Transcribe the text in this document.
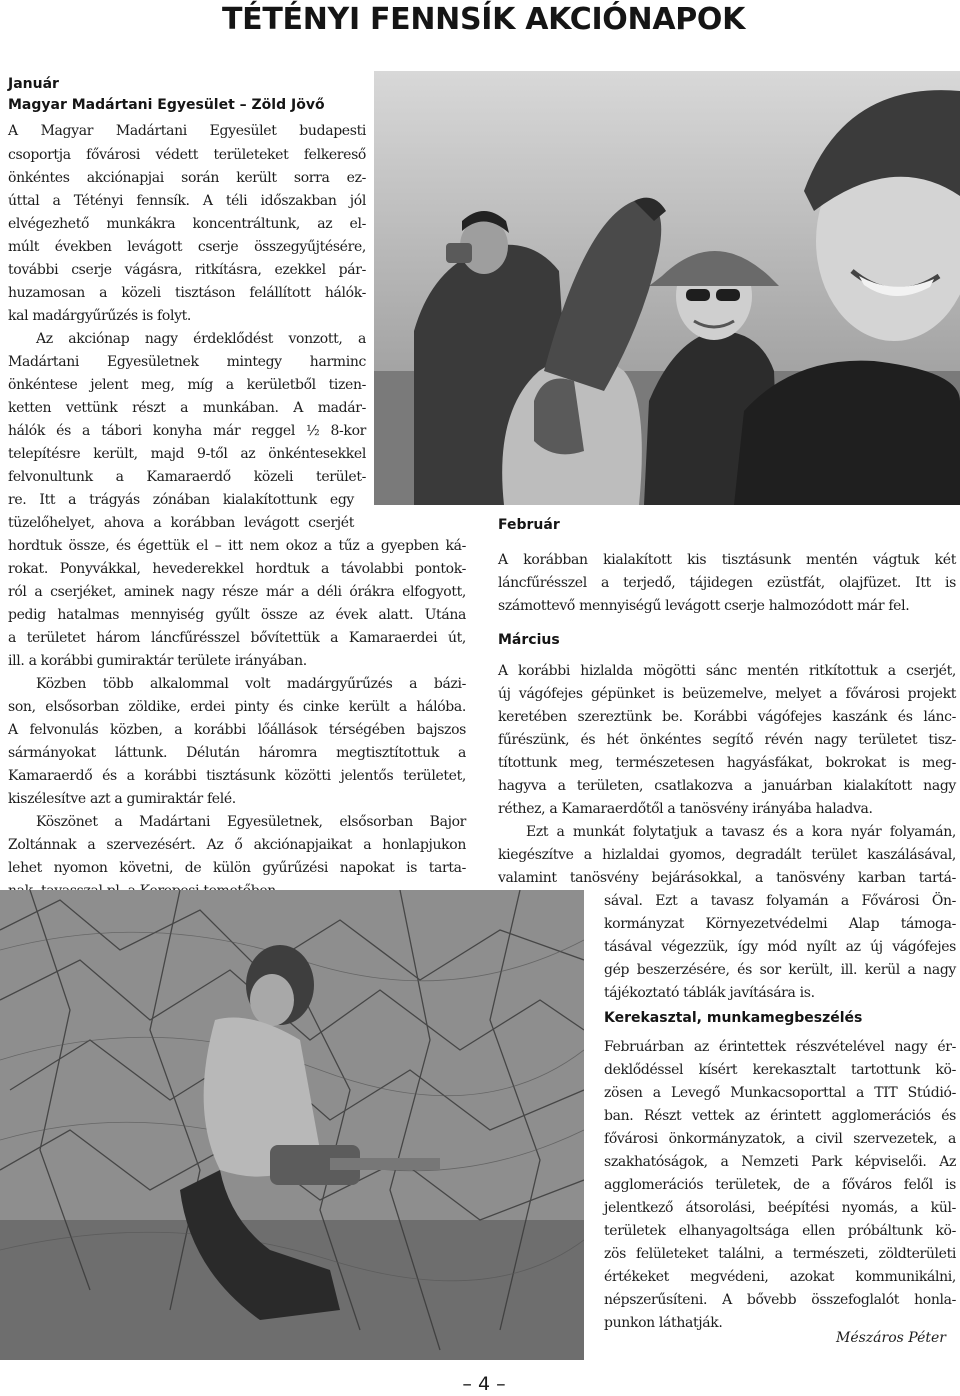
TÉTÉNYI FENNSÍK AKCIÓNAPOK
Január
Magyar Madártani Egyesület – Zöld Jövő
A Magyar Madártani Egyesület budapesti
csoportja fővárosi védett területeket felkereső
önkéntes akciónapjai során került sorra ez-
úttal a Tétényi fennsík. A téli időszakban jól
elvégezhető munkákra koncentráltunk, az el-
múlt években levágott cserje összegyűjtésére,
további cserje vágásra, ritkításra, ezekkel pár-
huzamosan a közeli tisztáson felállított hálók-
kal madárgyűrűzés is folyt.
Az akciónap nagy érdeklődést vonzott, a
Madártani Egyesületnek mintegy harminc
önkéntese jelent meg, míg a kerületből tizen-
ketten vettünk részt a munkában. A madár-
hálók és a tábori konyha már reggel ½ 8-kor
telepítésre került, majd 9-től az önkéntesekkel
felvonultunk a Kamaraerdő közeli terület-
re. Itt a trágyás zónában kialakítottunk egy
tüzelőhelyet, ahova a korábban levágott cserjét
hordtuk össze, és égettük el – itt nem okoz a tűz a gyepben ká-
rokat. Ponyvákkal, hevederekkel hordtuk a távolabbi pontok-
ról a cserjéket, aminek nagy része már a déli órákra elfogyott,
pedig hatalmas mennyiség gyűlt össze az évek alatt. Utána
a területet három láncfűrésszel bővítettük a Kamaraerdei út,
ill. a korábbi gumiraktár területe irányában.
Közben több alkalommal volt madárgyűrűzés a bázi-
son, elsősorban zöldike, erdei pinty és cinke került a hálóba.
A felvonulás közben, a korábbi lőállások térségében bajszos
sármányokat láttunk. Délután háromra megtisztítottuk a
Kamaraerdő és a korábbi tisztásunk közötti jelentős területet,
kiszélesítve azt a gumiraktár felé.
Köszönet a Madártani Egyesületnek, elsősorban Bajor
Zoltánnak a szervezésért. Az ő akciónapjaikat a honlapjukon
lehet nyomon követni, de külön gyűrűzési napokat is tarta-
Február
A korábban kialakított kis tisztásunk mentén vágtuk két
láncfűrésszel a terjedő, tájidegen ezüstfát, olajfüzet. Itt is
számottevő mennyiségű levágott cserje halmozódott már fel.
Március
A korábbi hizlalda mögötti sánc mentén ritkítottuk a cserjét,
új vágófejes gépünket is beüzemelve, melyet a fővárosi projekt
keretében szereztünk be. Korábbi vágófejes kaszánk és lánc-
fűrészünk, és hét önkéntes segítő révén nagy területet tisz-
títottunk meg, természetesen hagyásfákat, bokrokat is meg-
hagyva a területen, csatlakozva a januárban kialakított nagy
réthez, a Kamaraerdőtől a tanösvény irányába haladva.
Ezt a munkát folytatjuk a tavasz és a kora nyár folyamán,
kiegészítve a hizlaldai gyomos, degradált terület kaszálásával,
valamint tanösvény bejárásokkal, a tanösvény karban tartá-
sával. Ezt a tavasz folyamán a Fővárosi Ön-
kormányzat Környezetvédelmi Alap támoga-
tásával végezzük, így mód nyílt az új vágófejes
gép beszerzésére, és sor került, ill. kerül a nagy
tájékoztató táblák javítására is.
Kerekasztal, munkamegbeszélés
Februárban az érintettek részvételével nagy ér-
deklődéssel kísért kerekasztalt tartottunk kö-
zösen a Levegő Munkacsoporttal a TIT Stúdió-
ban. Részt vettek az érintett agglomerációs és
fővárosi önkormányzatok, a civil szervezetek, a
szakhatóságok, a Nemzeti Park képviselői. Az
agglomerációs területek, de a főváros felől is
jelentkező átsorolási, beépítési nyomás, a kül-
területek elhanyagoltsága ellen próbáltunk kö-
zös felületeket találni, a természeti, zöldterületi
értékeket megvédeni, azokat kommunikálni,
népszerűsíteni. A bővebb összefoglalót honla-
punkon láthatják.
Mészáros Péter
– 4 –
